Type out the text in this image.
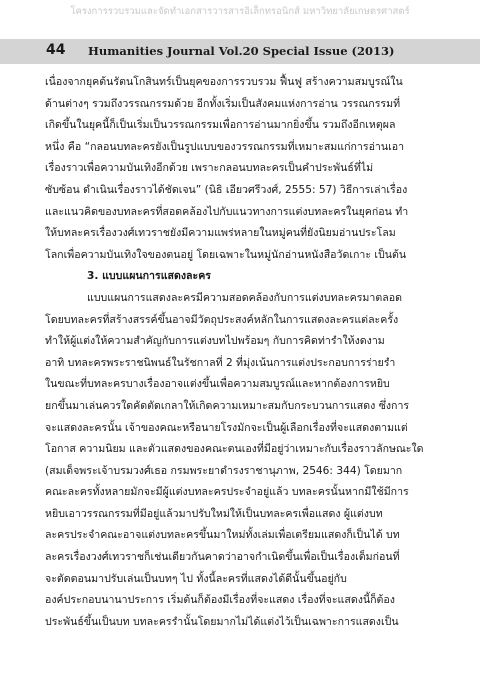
โครงการรวบรวมและจัดทำเอกสารวารสารอิเล็กทรอนิกส์ มหาวิทยาลัยเกษตรศาสตร์
44 Humanities Journal Vol.20 Special Issue (2013)
เนื่องจากยุคต้นรัตนโกสินทร์เป็นยุคของการรวบรวม ฟื้นฟู สร้างความสมบูรณ์ใน
ด้านต่างๆ รวมถึงวรรณกรรมด้วย อีกทั้งเริ่มเป็นสังคมแห่งการอ่าน วรรณกรรมที่
เกิดขึ้นในยุคนี้ก็เป็นเริ่มเป็นวรรณกรรมเพื่อการอ่านมากยิ่งขึ้น รวมถึงอีกเหตุผล
หนึ่ง คือ “กลอนบทละครยังเป็นรูปแบบของวรรณกรรมที่เหมาะสมแก่การอ่านเอา
เรื่องราวเพื่อความบันเทิงอีกด้วย เพราะกลอนบทละครเป็นคำประพันธ์ที่ไม่
ซับซ้อน ดำเนินเรื่องราวได้ชัดเจน” (นิธิ เอียวศรีวงศ์, 2555: 57) วิธีการเล่าเรื่อง
และแนวคิดของบทละครที่สอดคล้องไปกับแนวทางการแต่งบทละครในยุคก่อน ทำ
ให้บทละครเรื่องวงศ์เทวราชยังมีความแพร่หลายในหมู่คนที่ยังนิยมอ่านประโลม
โลกเพื่อความบันเทิงใจของตนอยู่ โดยเฉพาะในหมู่นักอ่านหนังสือวัดเกาะ เป็นต้น
3. แบบแผนการแสดงละคร
แบบแผนการแสดงละครมีความสอดคล้องกับการแต่งบทละครมาตลอด
โดยบทละครที่สร้างสรรค์ขึ้นอาจมีวัตถุประสงค์หลักในการแสดงละครแต่ละครั้ง
ทำให้ผู้แต่งให้ความสำคัญกับการแต่งบทไปพร้อมๆ กับการคิดท่ารำให้งดงาม
อาทิ บทละครพระราชนิพนธ์ในรัชกาลที่ 2 ที่มุ่งเน้นการแต่งประกอบการร่ายรำ
ในขณะที่บทละครบางเรื่องอาจแต่งขึ้นเพื่อความสมบูรณ์และหากต้องการหยิบ
ยกขึ้นมาเล่นควรใดคัดตัดเกลาให้เกิดความเหมาะสมกับกระบวนการแสดง ซึ่งการ
จะแสดงละครนั้น เจ้าของคณะหรือนายโรงมักจะเป็นผู้เลือกเรื่องที่จะแสดงตามแต่
โอกาส ความนิยม และตัวแสดงของคณะตนเองที่มีอยู่ว่าเหมาะกับเรื่องราวลักษณะใด
(สมเด็จพระเจ้าบรมวงศ์เธอ กรมพระยาดำรงราชานุภาพ, 2546: 344) โดยมาก
คณะละครทั้งหลายมักจะมีผู้แต่งบทละครประจำอยู่แล้ว บทละครนั้นหากมีใช้มีการ
หยิบเอาวรรณกรรมที่มีอยู่แล้วมาปรับใหม่ให้เป็นบทละครเพื่อแสดง ผู้แต่งบท
ละครประจำคณะอาจแต่งบทละครขึ้นมาใหม่ทั้งเล่มเพื่อเตรียมแสดงก็เป็นได้ บท
ละครเรื่องวงศ์เทวราชก็เช่นเดียวกันคาดว่าอาจกำเนิดขึ้นเพื่อเป็นเรื่องเต็มก่อนที่
จะตัดตอนมาปรับเล่นเป็นบทๆ ไป ทั้งนี้ละครที่แสดงได้ดีนั้นขึ้นอยู่กับ
องค์ประกอบนานาประการ เริ่มต้นก็ต้องมีเรื่องที่จะแสดง เรื่องที่จะแสดงนี้ก็ต้อง
ประพันธ์ขึ้นเป็นบท บทละครรำนั้นโดยมากไม่ได้แต่งไว้เป็นเฉพาะการแสดงเป็น
